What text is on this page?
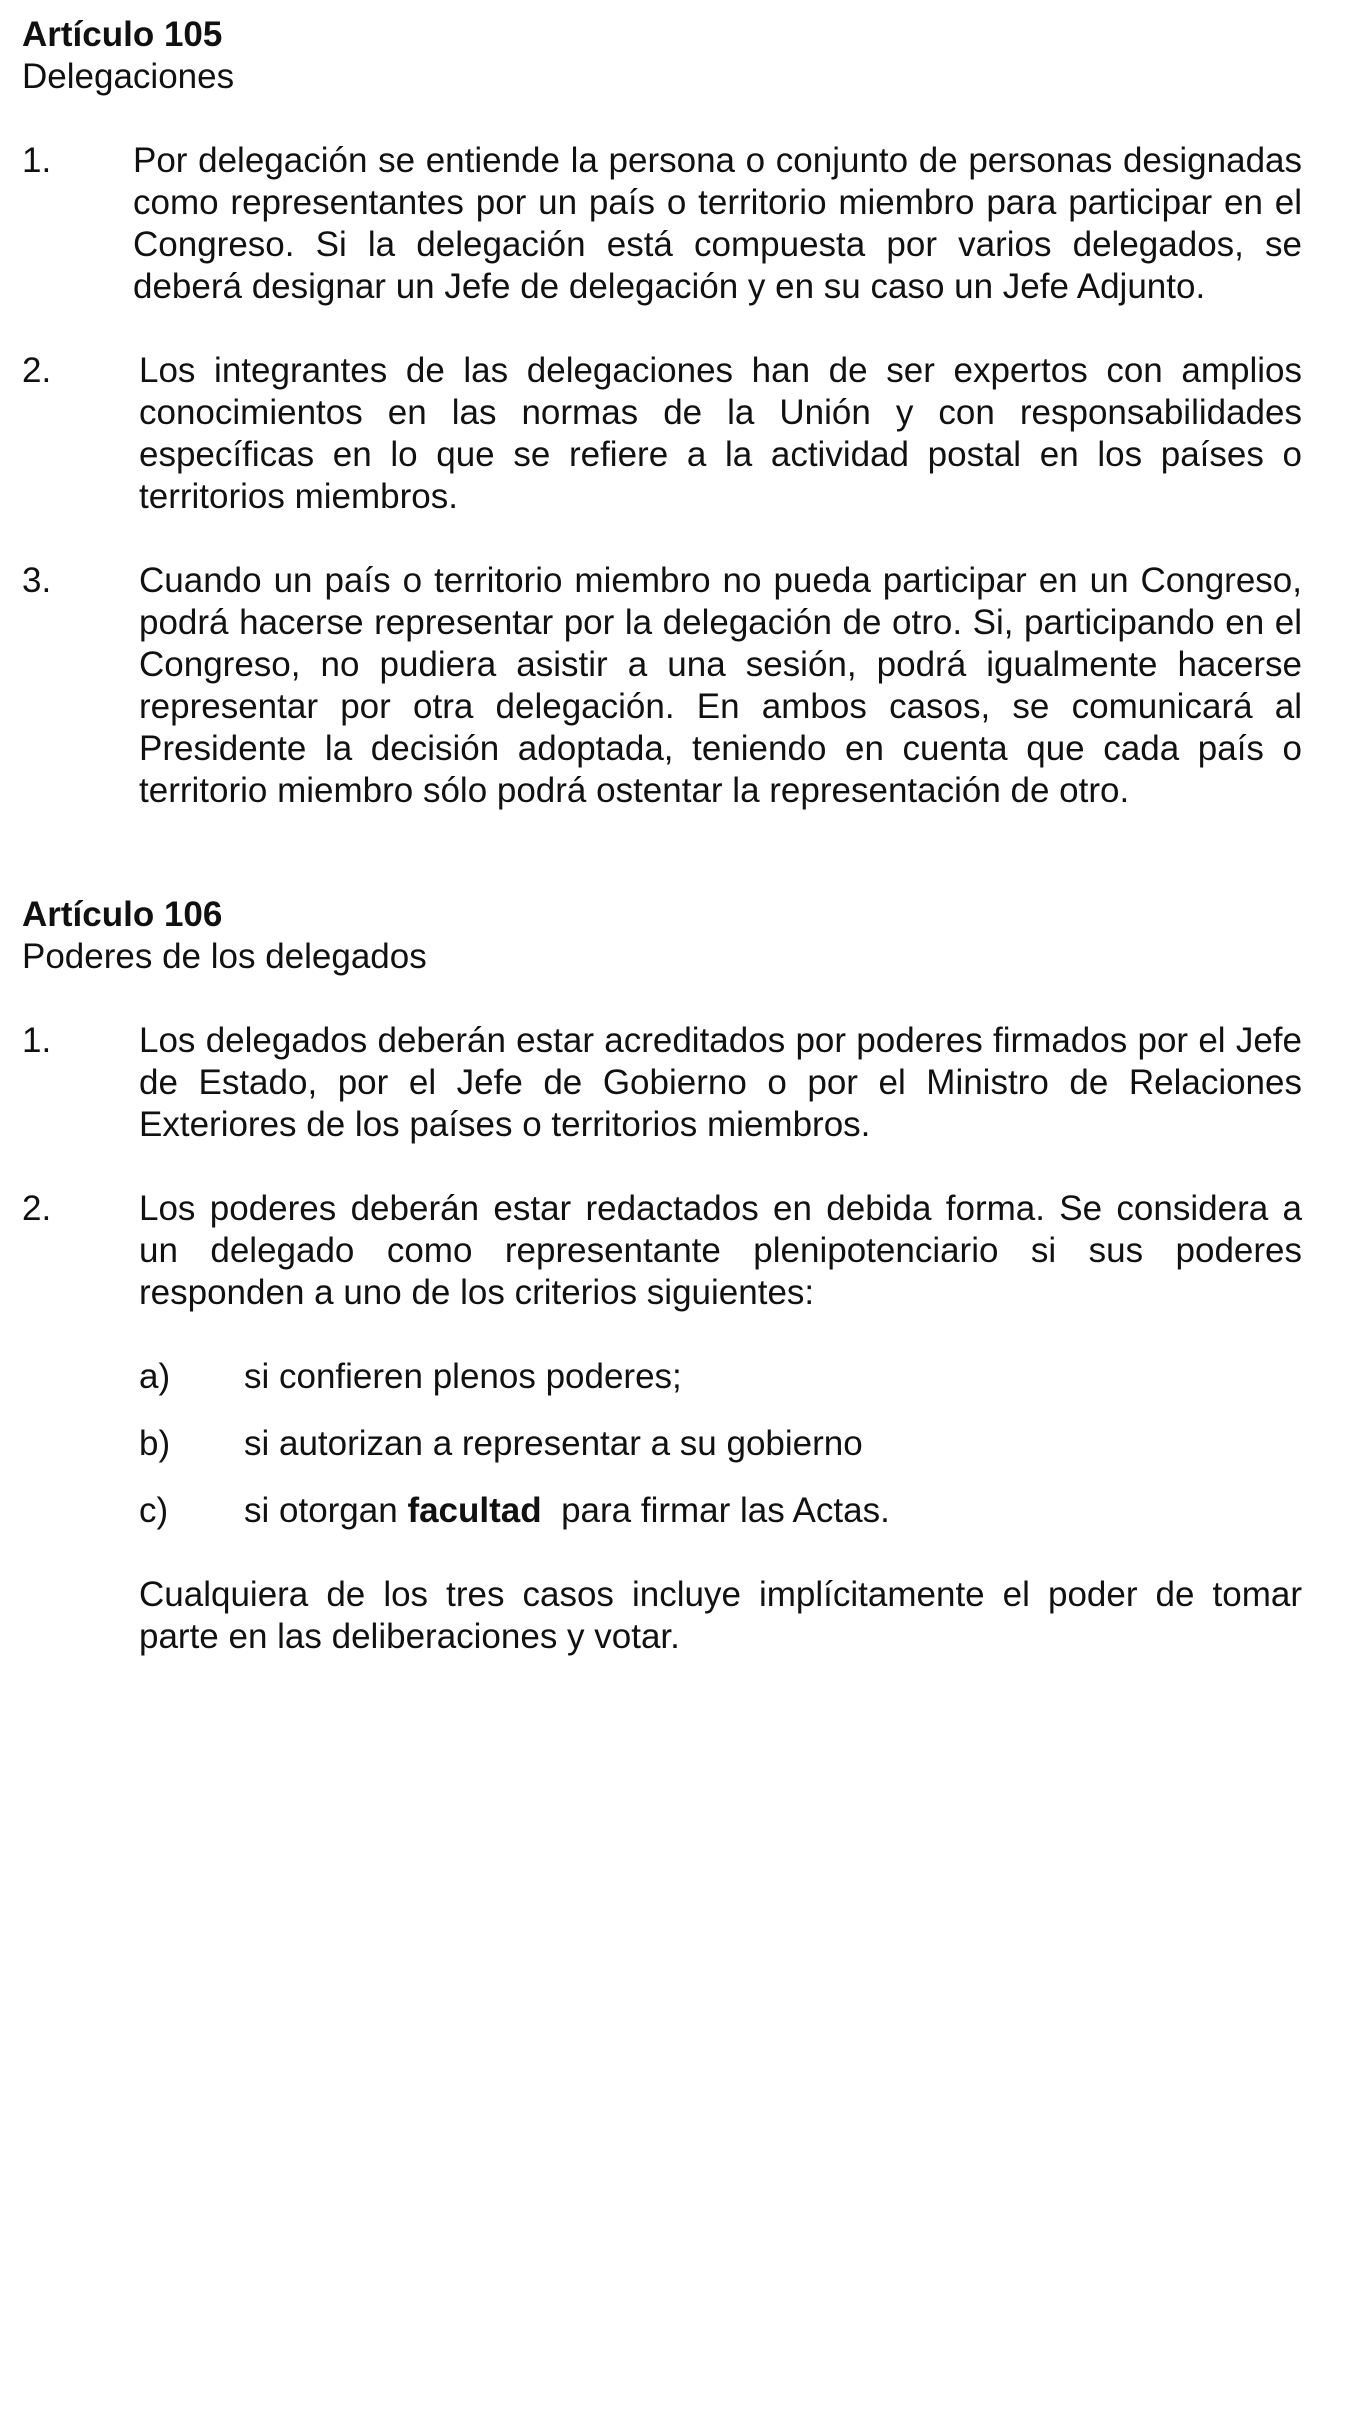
Artículo 105
Delegaciones
1.	Por delegación se entiende la persona o conjunto de personas designadas como representantes por un país o territorio miembro para participar en el Congreso. Si la delegación está compuesta por varios delegados, se deberá designar un Jefe de delegación y en su caso un Jefe Adjunto.
2.	Los integrantes de las delegaciones han de ser expertos con amplios conocimientos en las normas de la Unión y con responsabilidades específicas en lo que se refiere a la actividad postal en los países o territorios miembros.
3.	Cuando un país o territorio miembro no pueda participar en un Congreso, podrá hacerse representar por la delegación de otro. Si, participando en el Congreso, no pudiera asistir a una sesión, podrá igualmente hacerse representar por otra delegación. En ambos casos, se comunicará al Presidente la decisión adoptada, teniendo en cuenta que cada país o territorio miembro sólo podrá ostentar la representación de otro.
Artículo 106
Poderes de los delegados
1.	Los delegados deberán estar acreditados por poderes firmados por el Jefe de Estado, por el Jefe de Gobierno o por el Ministro de Relaciones Exteriores de los países o territorios miembros.
2.	Los poderes deberán estar redactados en debida forma. Se considera a un delegado como representante plenipotenciario si sus poderes responden a uno de los criterios siguientes:
a)	si confieren plenos poderes;
b)	si autorizan a representar a su gobierno
c)	si otorgan facultad  para firmar las Actas.
Cualquiera de los tres casos incluye implícitamente el poder de tomar parte en las deliberaciones y votar.
